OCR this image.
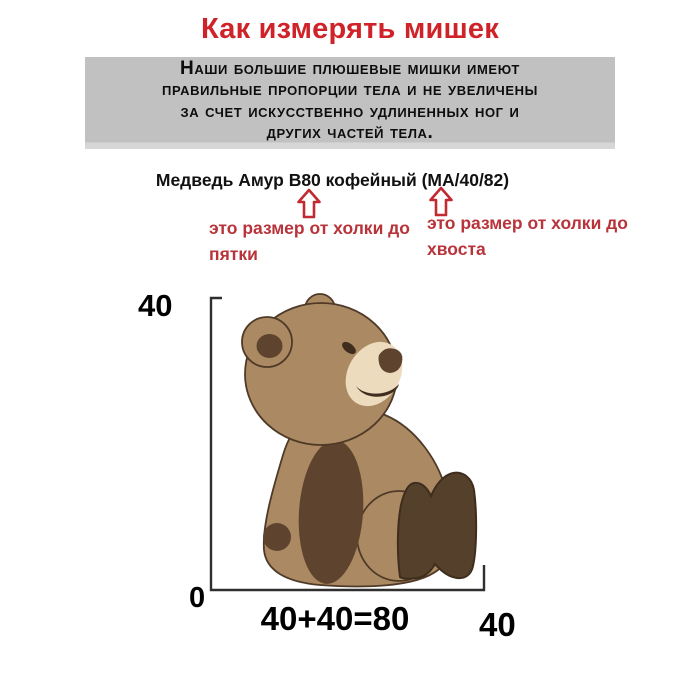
Как измерять мишек
Наши большие плюшевые мишки имеют
правильные пропорции тела и не увеличены
за счет искусственно удлиненных ног и
других частей тела.
Медведь Амур В80 кофейный (МА/40/82)
это размер от холки до
пятки
это размер от холки до
хвоста
40
0
40+40=80	40
